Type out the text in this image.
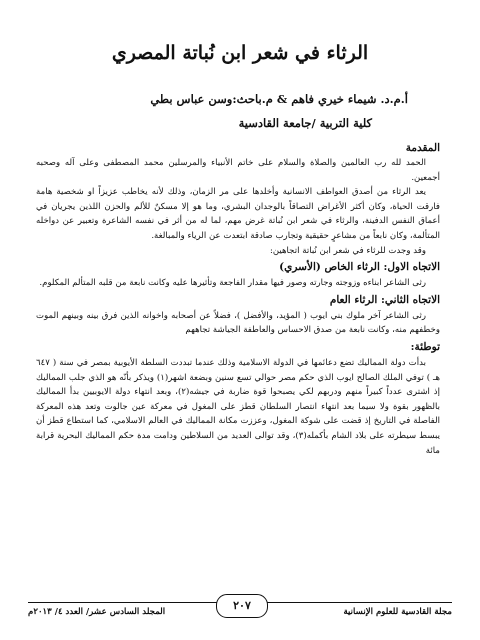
الرثاء في شعر ابن نُباتة المصري
أ.م.د. شيماء خيري فاهم & م.باحث:وسن عباس بطي
كلية التربية /جامعة القادسية

المقدمة

الحمد لله رب العالمين والصلاة والسلام على خاتم الأنبياء والمرسلين محمد المصطفى وعلى آله وصحبه أجمعين.

يعد الرثاء من أصدق العواطف الانسانية وأخلدها على مر الزمان، وذلك لأنه يخاطب عزيزاً او شخصية هامة فارقت الحياة، وكان أكثر الأغراض التصاقاً بالوجدان البشري، وما هو إلا مسكنٌ للألم والحزن اللذين يجريان في أعماق النفس الدفينة، والرثاء في شعر ابن نُباتة غرض مهم، لما له من أثر في نفسه الشاعرة وتعبير عن دواخله المتألمة، وكان نابعاً من مشاعرٍ حقيقية وتجارب صادقة ابتعدت عن الرياء والمبالغة.

وقد وجدت للرثاء في شعر ابن نُباتة اتجاهين:

الاتجاه الاول: الرثاء الخاص (الأسري)

رثى الشاعر ابناءه وزوجته وجارته وصور فيها مقدار الفاجعة وتأثيرها عليه وكانت نابعة من قلبه المتألم المكلوم.

الاتجاه الثاني: الرثاء العام

رثى الشاعر آخر ملوك بني ايوب ( المؤيد، والأفضل )، فضلاً عن أصحابه واخوانه الذين فرق بينه وبينهم الموت وخطفهم منه، وكانت نابعة من صدق الاحساس والعاطفة الجياشة تجاههم

توطئة:

بدأت دولة المماليك تضع دعائمها في الدولة الاسلامية وذلك عندما تبددت السلطة الأيوبية بمصر في سنة ( ٦٤٧ هـ ) توفي الملك الصالح ايوب الذي حكم مصر حوالي تسع سنين وبضعة اشهر(١) ويذكر بأنّه هو الذي جلب المماليك إذ اشترى عدداً كبيراً منهم ودربهم لكي يصبحوا قوة ضاربة في جيشه(٢)، وبعد انتهاء دولة الايوبيين بدأ المماليك بالظهور بقوة ولا سيما بعد انتهاء انتصار السلطان قطز على المغول في معركة عين جالوت وتعد هذه المعركة الفاصلة في التاريخ إذ قضت على شوكة المغول، وعززت مكانة المماليك في العالم الاسلامي، كما استطاع قطز أن يبسط سيطرته على بلاد الشام بأكمله(٣)، وقد توالى العديد من السلاطين ودامت مدة حكم المماليك البحرية قرابة مائة

مجلة القادسية للعلوم الإنسانية
٢٠٧
المجلد السادس عشر/ العدد ٤/ ٢٠١٣م
